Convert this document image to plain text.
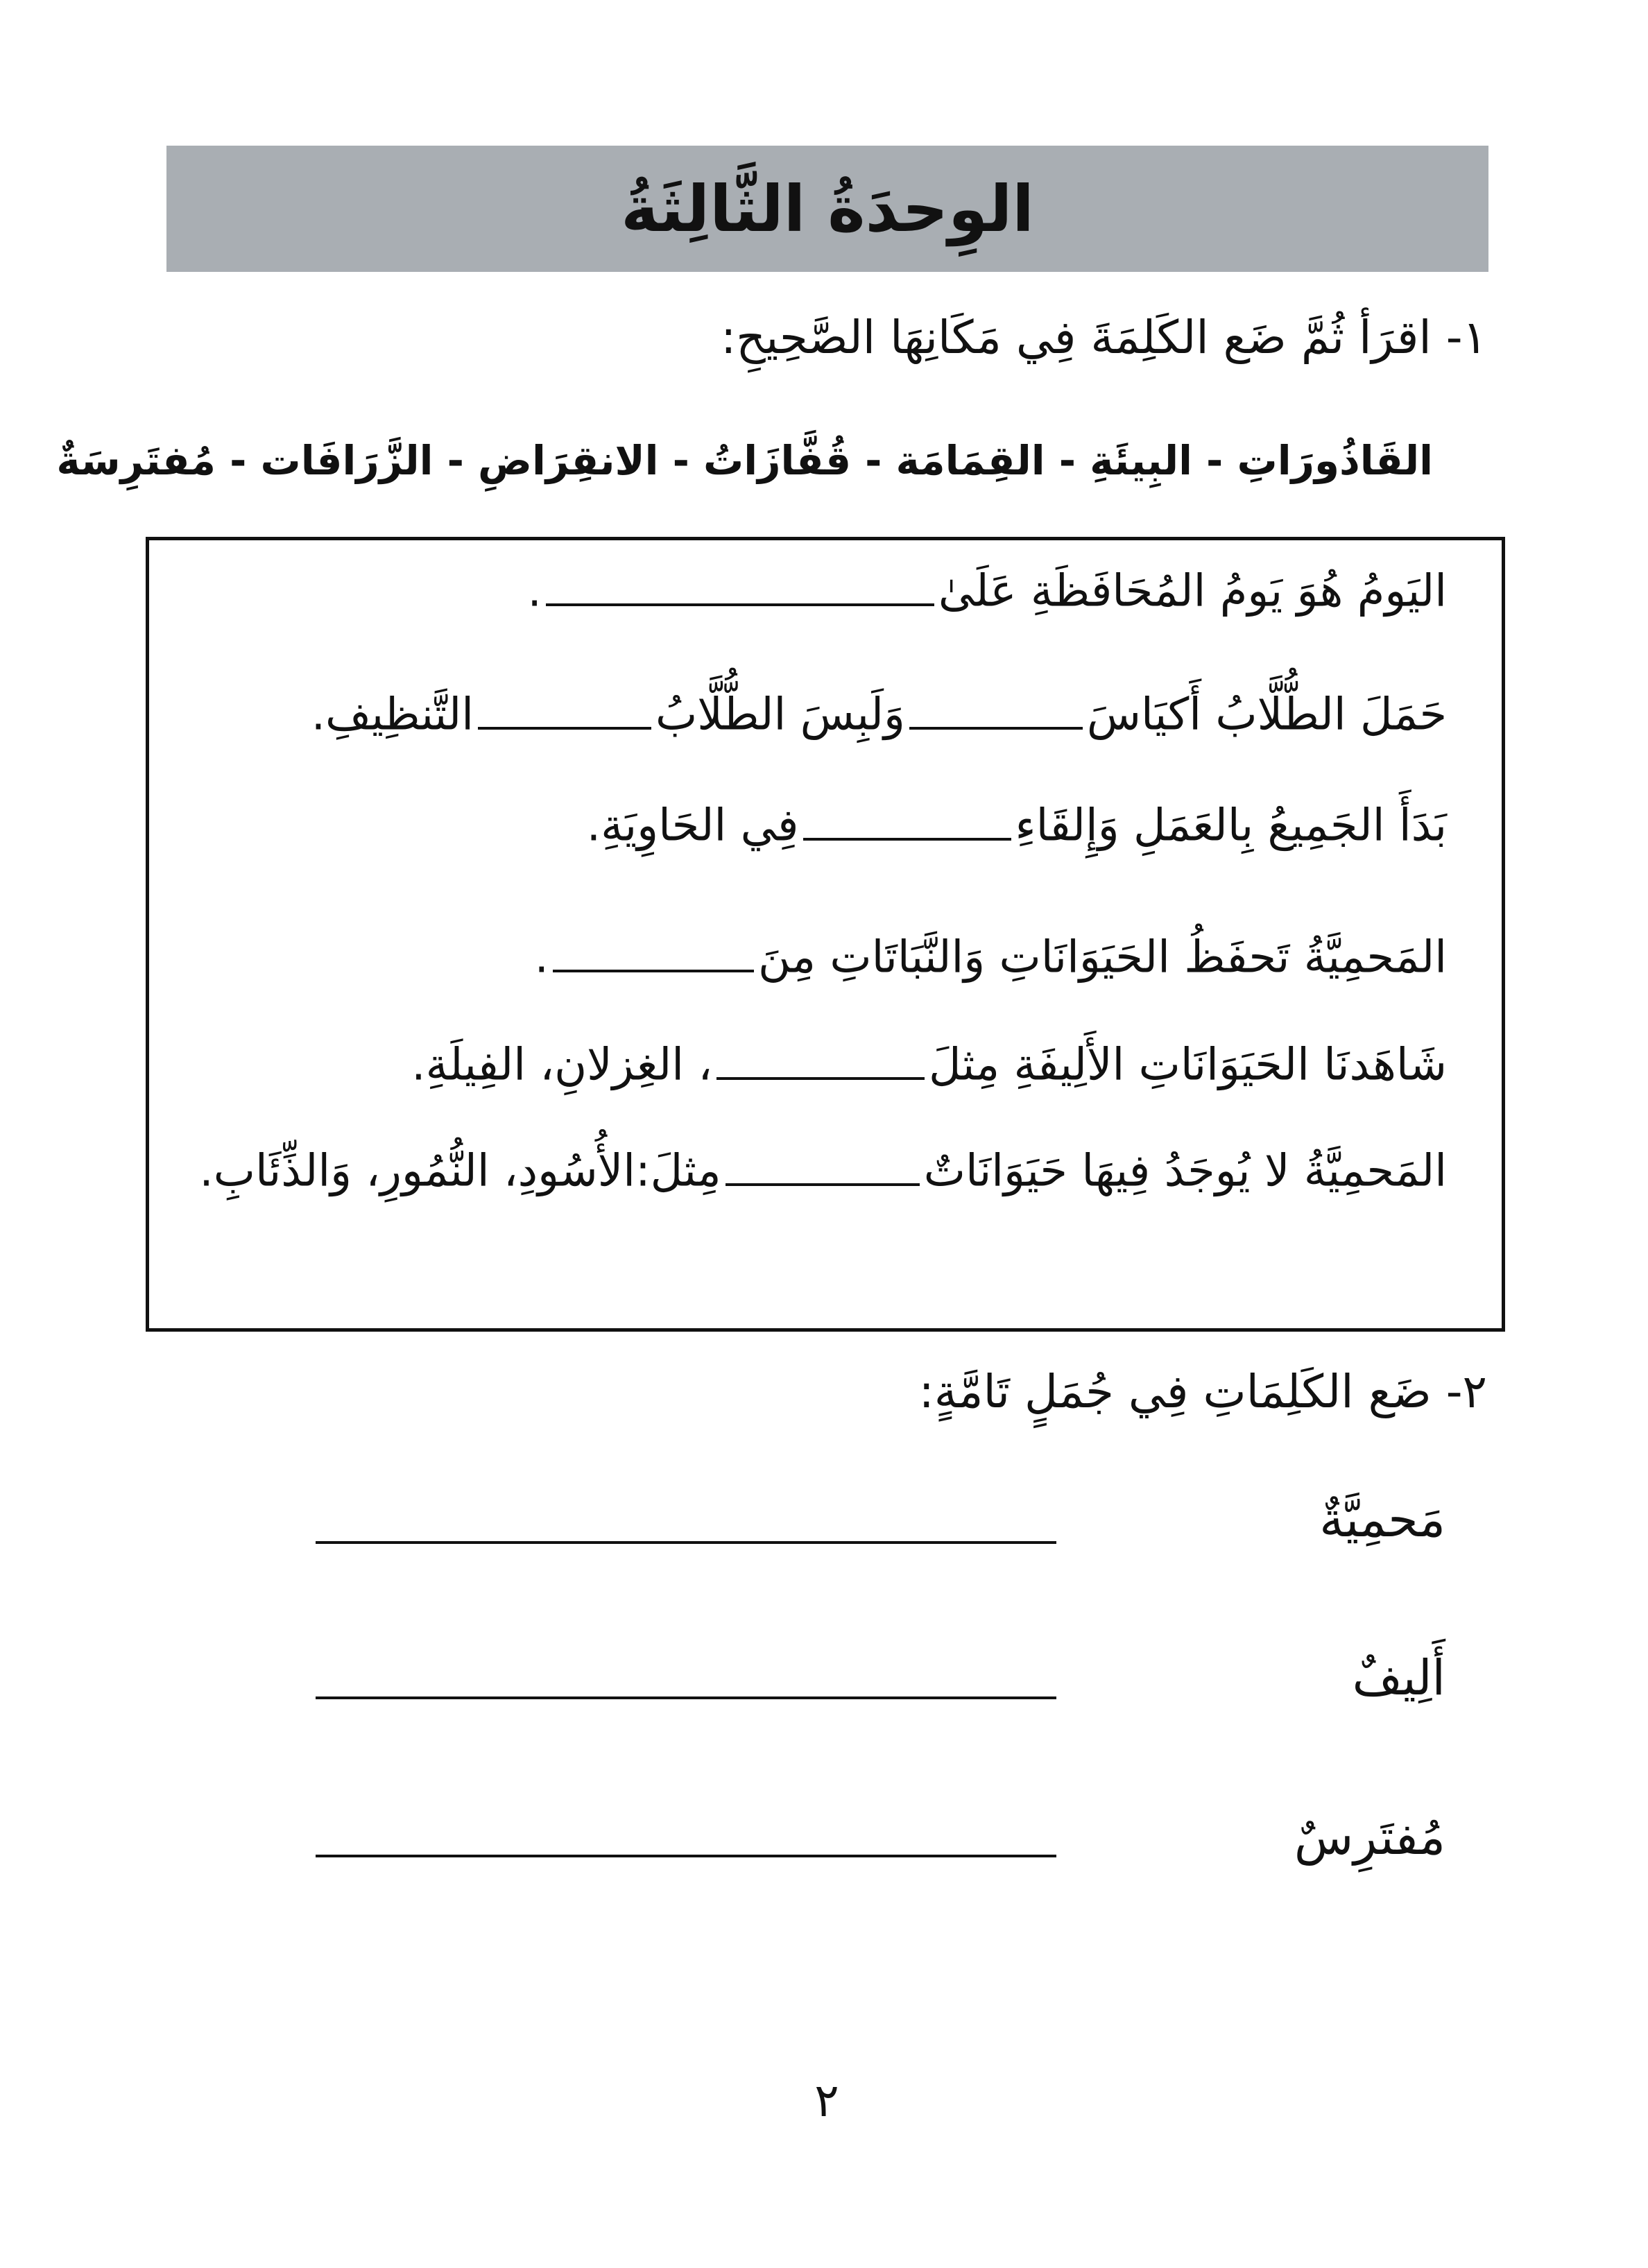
الوِحدَةُ الثَّالِثَةُ
١- اقرَأ ثُمَّ ضَع الكَلِمَةَ فِي مَكَانِهَا الصَّحِيحِ:
القَاذُورَاتِ - البِيئَةِ - القِمَامَة - قُفَّازَاتُ - الانقِرَاضِ - الزَّرَافَات - مُفتَرِسَةٌ
اليَومُ هُوَ يَومُ المُحَافَظَةِ عَلَىٰ.
حَمَلَ الطُّلَّابُ أَكيَاسَوَلَبِسَ الطُّلَّابُالتَّنظِيفِ.
بَدَأَ الجَمِيعُ بِالعَمَلِ وَإِلقَاءِفِي الحَاوِيَةِ.
المَحمِيَّةُ تَحفَظُ الحَيَوَانَاتِ وَالنَّبَاتَاتِ مِنَ.
شَاهَدنَا الحَيَوَانَاتِ الأَلِيفَةِ مِثلَ، الغِزلانِ، الفِيلَةِ.
المَحمِيَّةُ لا يُوجَدُ فِيهَا حَيَوَانَاتٌمِثلَ:الأُسُودِ، النُّمُورِ، وَالذِّئَابِ.
٢- ضَع الكَلِمَاتِ فِي جُمَلٍ تَامَّةٍ:
مَحمِيَّةٌ
أَلِيفٌ
مُفتَرِسٌ
٢
